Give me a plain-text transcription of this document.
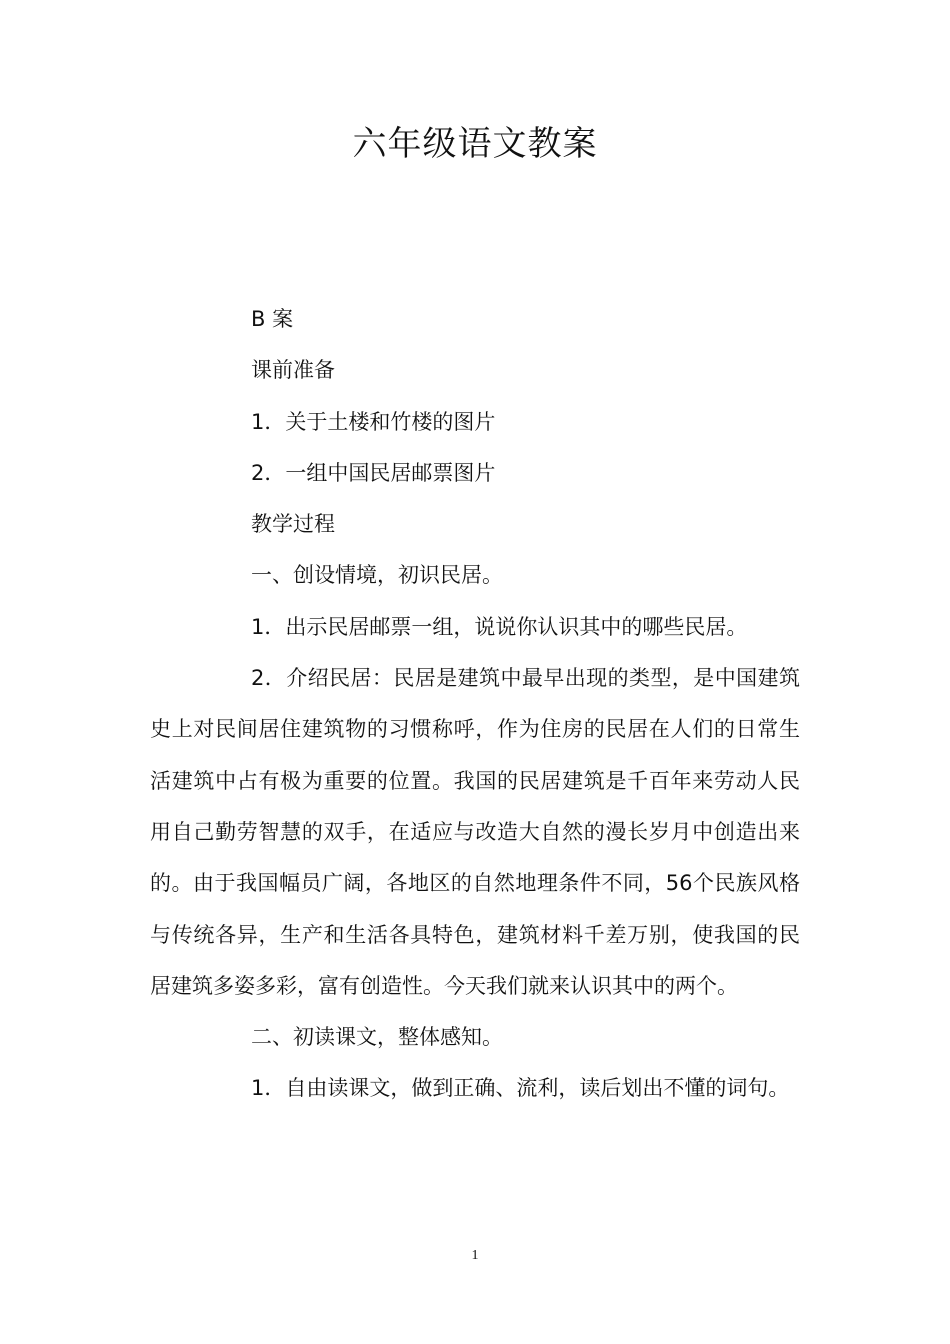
六年级语文教案

B 案

课前准备

1．关于土楼和竹楼的图片

2．一组中国民居邮票图片

教学过程

一、创设情境，初识民居。

1．出示民居邮票一组，说说你认识其中的哪些民居。

2．介绍民居：民居是建筑中最早出现的类型，是中国建筑史上对民间居住建筑物的习惯称呼，作为住房的民居在人们的日常生活建筑中占有极为重要的位置。我国的民居建筑是千百年来劳动人民用自己勤劳智慧的双手，在适应与改造大自然的漫长岁月中创造出来的。由于我国幅员广阔，各地区的自然地理条件不同，56个民族风格与传统各异，生产和生活各具特色，建筑材料千差万别，使我国的民居建筑多姿多彩，富有创造性。今天我们就来认识其中的两个。

二、初读课文，整体感知。

1．自由读课文，做到正确、流利，读后划出不懂的词句。

1
